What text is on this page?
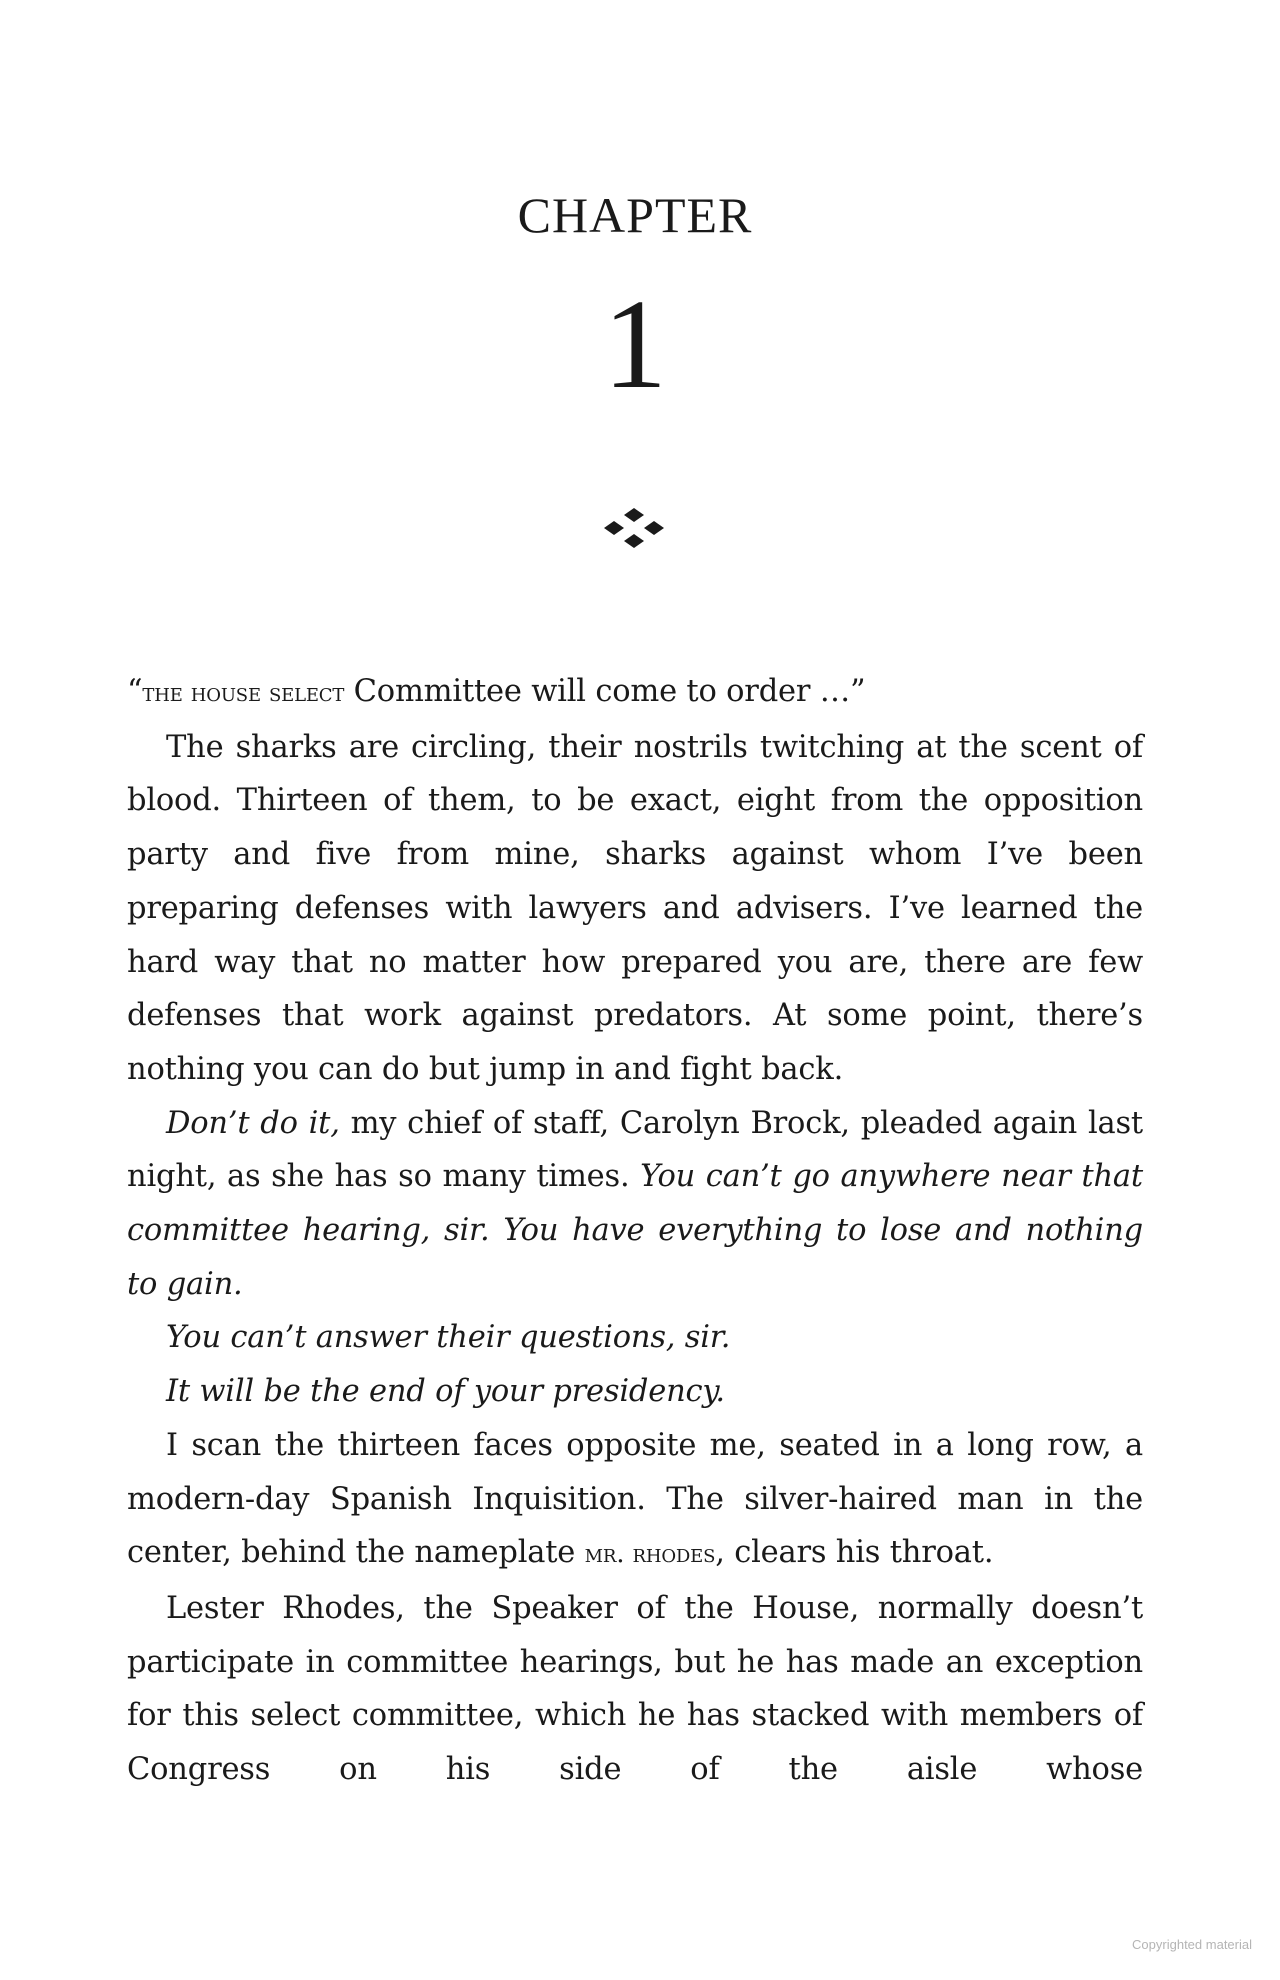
CHAPTER
1

“the house select Committee will come to order …”

The sharks are circling, their nostrils twitching at the scent of blood. Thirteen of them, to be exact, eight from the opposition party and five from mine, sharks against whom I’ve been preparing defenses with lawyers and advisers. I’ve learned the hard way that no matter how prepared you are, there are few defenses that work against predators. At some point, there’s nothing you can do but jump in and fight back.

Don’t do it, my chief of staff, Carolyn Brock, pleaded again last night, as she has so many times. You can’t go anywhere near that committee hearing, sir. You have everything to lose and nothing to gain.

You can’t answer their questions, sir.

It will be the end of your presidency.

I scan the thirteen faces opposite me, seated in a long row, a modern-day Spanish Inquisition. The silver-haired man in the center, behind the nameplate mr. rhodes, clears his throat.

Lester Rhodes, the Speaker of the House, normally doesn’t participate in committee hearings, but he has made an exception for this select committee, which he has stacked with members of Congress on his side of the aisle whose

Copyrighted material
